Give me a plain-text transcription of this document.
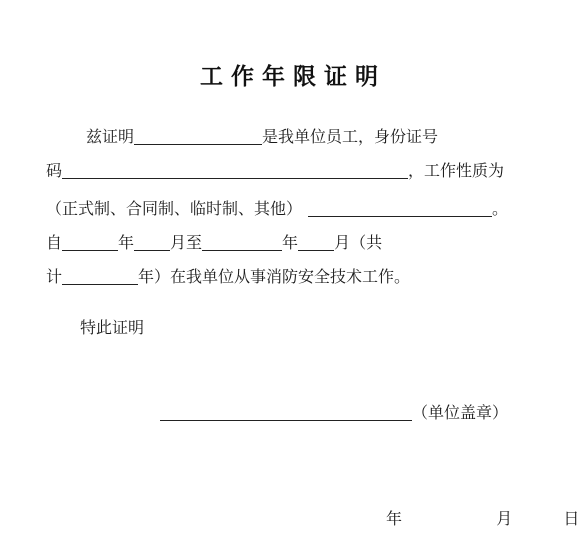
工作年限证明
兹证明	是我单位员工，身份证号
码	，工作性质为
（正式制、合同制、临时制、其他）	。
自	年 月至	年 月（共
计	年）在我单位从事消防安全技术工作。
特此证明
（单位盖章）
年	月	日
